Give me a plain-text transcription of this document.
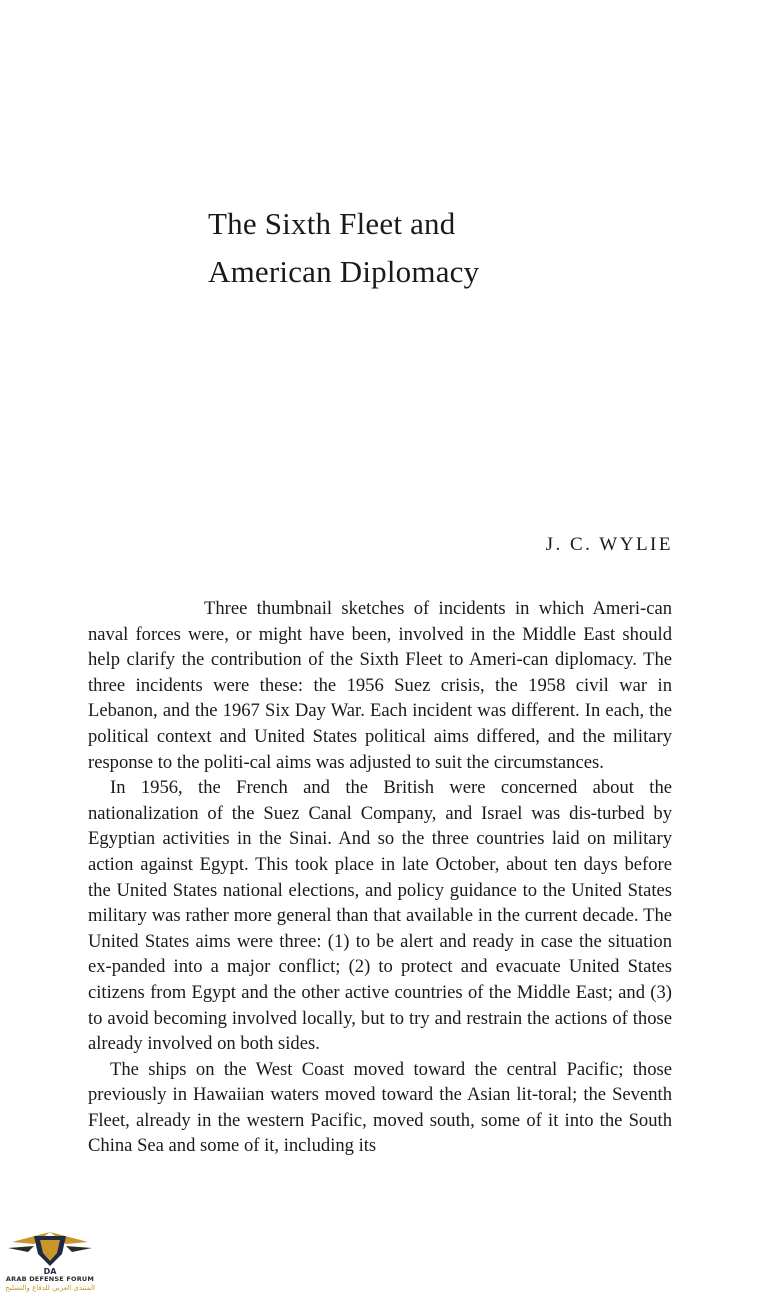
The Sixth Fleet and
American Diplomacy
J. C. WYLIE

Three thumbnail sketches of incidents in which Ameri-can naval forces were, or might have been, involved in the Middle East should help clarify the contribution of the Sixth Fleet to Ameri-can diplomacy. The three incidents were these: the 1956 Suez crisis, the 1958 civil war in Lebanon, and the 1967 Six Day War. Each incident was different. In each, the political context and United States political aims differed, and the military response to the politi-cal aims was adjusted to suit the circumstances.

In 1956, the French and the British were concerned about the nationalization of the Suez Canal Company, and Israel was dis-turbed by Egyptian activities in the Sinai. And so the three countries laid on military action against Egypt. This took place in late October, about ten days before the United States national elections, and policy guidance to the United States military was rather more general than that available in the current decade. The United States aims were three: (1) to be alert and ready in case the situation ex-panded into a major conflict; (2) to protect and evacuate United States citizens from Egypt and the other active countries of the Middle East; and (3) to avoid becoming involved locally, but to try and restrain the actions of those already involved on both sides.

The ships on the West Coast moved toward the central Pacific; those previously in Hawaiian waters moved toward the Asian lit-toral; the Seventh Fleet, already in the western Pacific, moved south, some of it into the South China Sea and some of it, including its

DA
ARAB DEFENSE FORUM
المنتدى العربي للدفاع والتسليح
